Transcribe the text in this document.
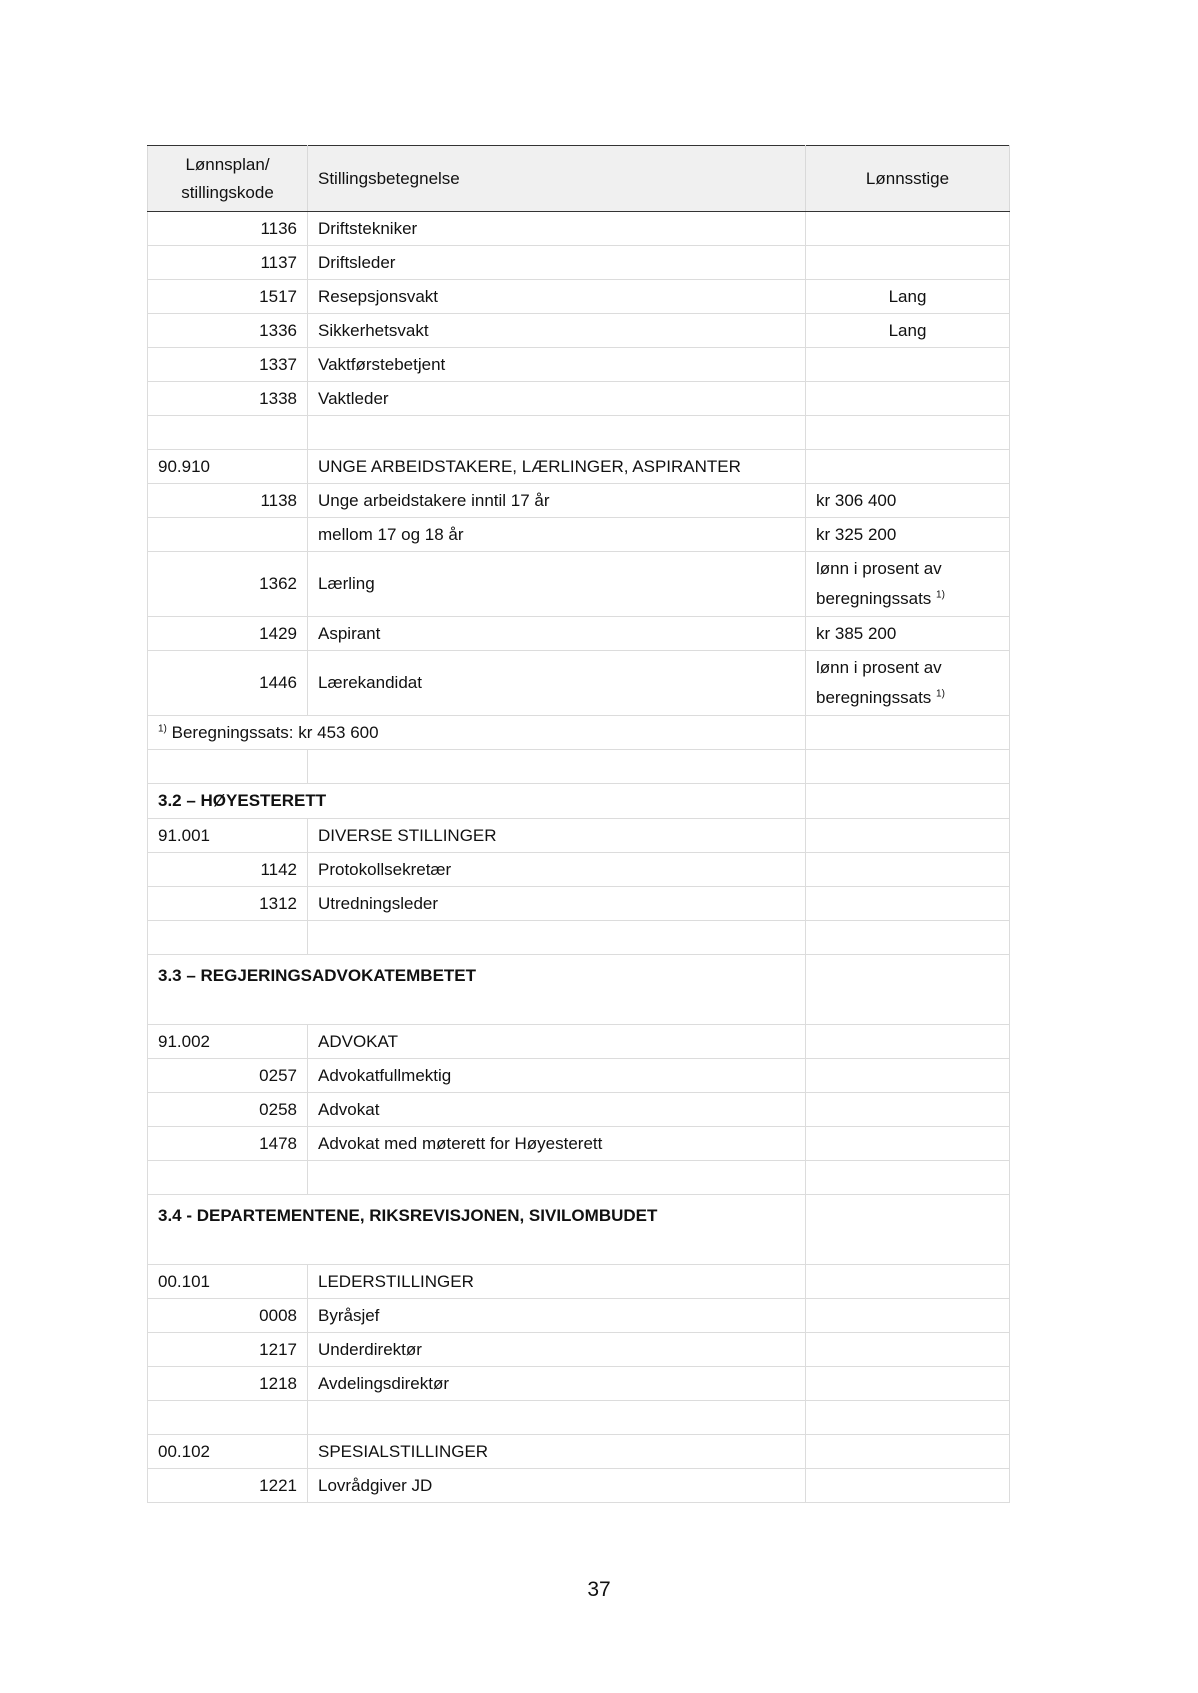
Lønnsplan/
stillingskode	Stillingsbetegnelse	Lønnsstige
1136	Driftstekniker	
1137	Driftsleder	
1517	Resepsjonsvakt	Lang
1336	Sikkerhetsvakt	Lang
1337	Vaktførstebetjent	
1338	Vaktleder	

90.910	UNGE ARBEIDSTAKERE, LÆRLINGER, ASPIRANTER	
1138	Unge arbeidstakere inntil 17 år	kr 306 400
	mellom 17 og 18 år	kr 325 200
1362	Lærling	lønn i prosent av
beregningssats $^{1)}$
1429	Aspirant	kr 385 200
1446	Lærekandidat	lønn i prosent av
beregningssats $^{1)}$
$^{1)}$ Beregningssats: kr 453 600		

3.2 – HØYESTERETT		
91.001	DIVERSE STILLINGER	
1142	Protokollsekretær	
1312	Utredningsleder	

3.3 – REGJERINGSADVOKATEMBETET		
91.002	ADVOKAT	
0257	Advokatfullmektig	
0258	Advokat	
1478	Advokat med møterett for Høyesterett	

3.4 - DEPARTEMENTENE, RIKSREVISJONEN, SIVILOMBUDET		
00.101	LEDERSTILLINGER	
0008	Byråsjef	
1217	Underdirektør	
1218	Avdelingsdirektør	

00.102	SPESIALSTILLINGER	
1221	Lovrådgiver JD	
37
